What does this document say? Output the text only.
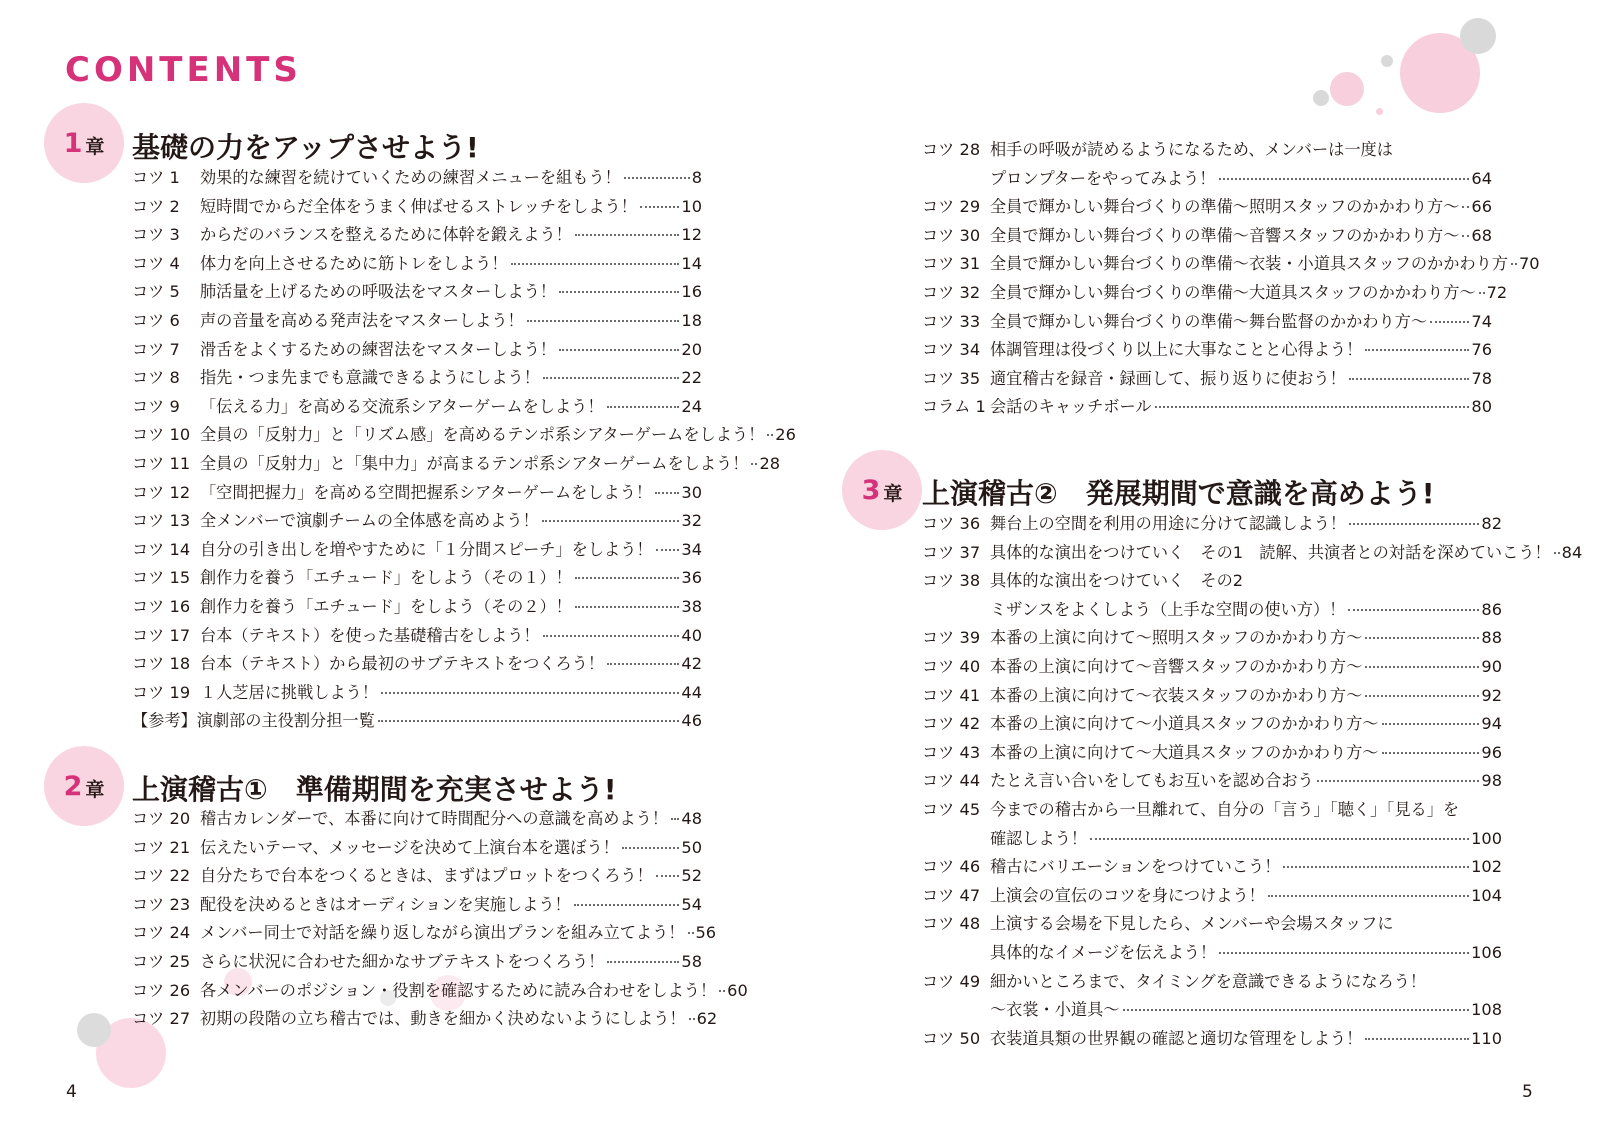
CONTENTS
1 章 基礎の力をアップさせよう!
コツ 1	効果的な練習を続けていくための練習メニューを組もう！	8
コツ 2	短時間でからだ全体をうまく伸ばせるストレッチをしよう！	10
コツ 3	からだのバランスを整えるために体幹を鍛えよう！	12
コツ 4	体力を向上させるために筋トレをしよう！	14
コツ 5	肺活量を上げるための呼吸法をマスターしよう！	16
コツ 6	声の音量を高める発声法をマスターしよう！	18
コツ 7	滑舌をよくするための練習法をマスターしよう！	20
コツ 8	指先・つま先までも意識できるようにしよう！	22
コツ 9	「伝える力」を高める交流系シアターゲームをしよう！	24
コツ 10 全員の「反射力」と「リズム感」を高めるテンポ系シアターゲームをしよう！ 26
コツ 11 全員の「反射力」と「集中力」が高まるテンポ系シアターゲームをしよう！ 28
コツ 12 「空間把握力」を高める空間把握系シアターゲームをしよう！ 30
コツ 13 全メンバーで演劇チームの全体感を高めよう！	32
コツ 14 自分の引き出しを増やすために「１分間スピーチ」をしよう！ 34
コツ 15 創作力を養う「エチュード」をしよう（その１）！	36
コツ 16 創作力を養う「エチュード」をしよう（その２）！	38
コツ 17 台本（テキスト）を使った基礎稽古をしよう！	40
コツ 18 台本（テキスト）から最初のサブテキストをつくろう！	42
コツ 19 １人芝居に挑戦しよう！	44
【参考】 演劇部の主役割分担一覧	46
2 章 上演稽古①　準備期間を充実させよう!
コツ 20 稽古カレンダーで、本番に向けて時間配分への意識を高めよう！ 48
コツ 21 伝えたいテーマ、メッセージを決めて上演台本を選ぼう！	50
コツ 22 自分たちで台本をつくるときは、まずはプロットをつくろう！ 52
コツ 23 配役を決めるときはオーディションを実施しよう！	54
コツ 24 メンバー同士で対話を繰り返しながら演出プランを組み立てよう！ 56
コツ 25 さらに状況に合わせた細かなサブテキストをつくろう！	58
コツ 26 各メンバーのポジション・役割を確認するために読み合わせをしよう！ 60
コツ 27 初期の段階の立ち稽古では、動きを細かく決めないようにしよう！ 62
コツ 28 相手の呼吸が読めるようになるため、メンバーは一度は
プロンプターをやってみよう！	64
コツ 29 全員で輝かしい舞台づくりの準備〜照明スタッフのかかわり方〜 66
コツ 30 全員で輝かしい舞台づくりの準備〜音響スタッフのかかわり方〜 68
コツ 31 全員で輝かしい舞台づくりの準備〜衣装・小道具スタッフのかかわり方 70
コツ 32 全員で輝かしい舞台づくりの準備〜大道具スタッフのかかわり方〜 72
コツ 33 全員で輝かしい舞台づくりの準備〜舞台監督のかかわり方〜	74
コツ 34 体調管理は役づくり以上に大事なことと心得よう！	76
コツ 35 適宜稽古を録音・録画して、振り返りに使おう！	78
コラム 1 会話のキャッチボール	80
3 章 上演稽古②　発展期間で意識を高めよう!
コツ 36 舞台上の空間を利用の用途に分けて認識しよう！	82
コツ 37 具体的な演出をつけていく　その1　読解、共演者との対話を深めていこう！ 84
コツ 38 具体的な演出をつけていく　その2
ミザンスをよくしよう（上手な空間の使い方）！	86
コツ 39 本番の上演に向けて〜照明スタッフのかかわり方〜	88
コツ 40 本番の上演に向けて〜音響スタッフのかかわり方〜	90
コツ 41 本番の上演に向けて〜衣装スタッフのかかわり方〜	92
コツ 42 本番の上演に向けて〜小道具スタッフのかかわり方〜	94
コツ 43 本番の上演に向けて〜大道具スタッフのかかわり方〜	96
コツ 44 たとえ言い合いをしてもお互いを認め合おう	98
コツ 45 今までの稽古から一旦離れて、自分の「言う」「聴く」「見る」を
確認しよう！	100
コツ 46 稽古にバリエーションをつけていこう！	102
コツ 47 上演会の宣伝のコツを身につけよう！	104
コツ 48 上演する会場を下見したら、メンバーや会場スタッフに
具体的なイメージを伝えよう！	106
コツ 49 細かいところまで、タイミングを意識できるようになろう！
〜衣裳・小道具〜	108
コツ 50 衣装道具類の世界観の確認と適切な管理をしよう！	110
4	5
